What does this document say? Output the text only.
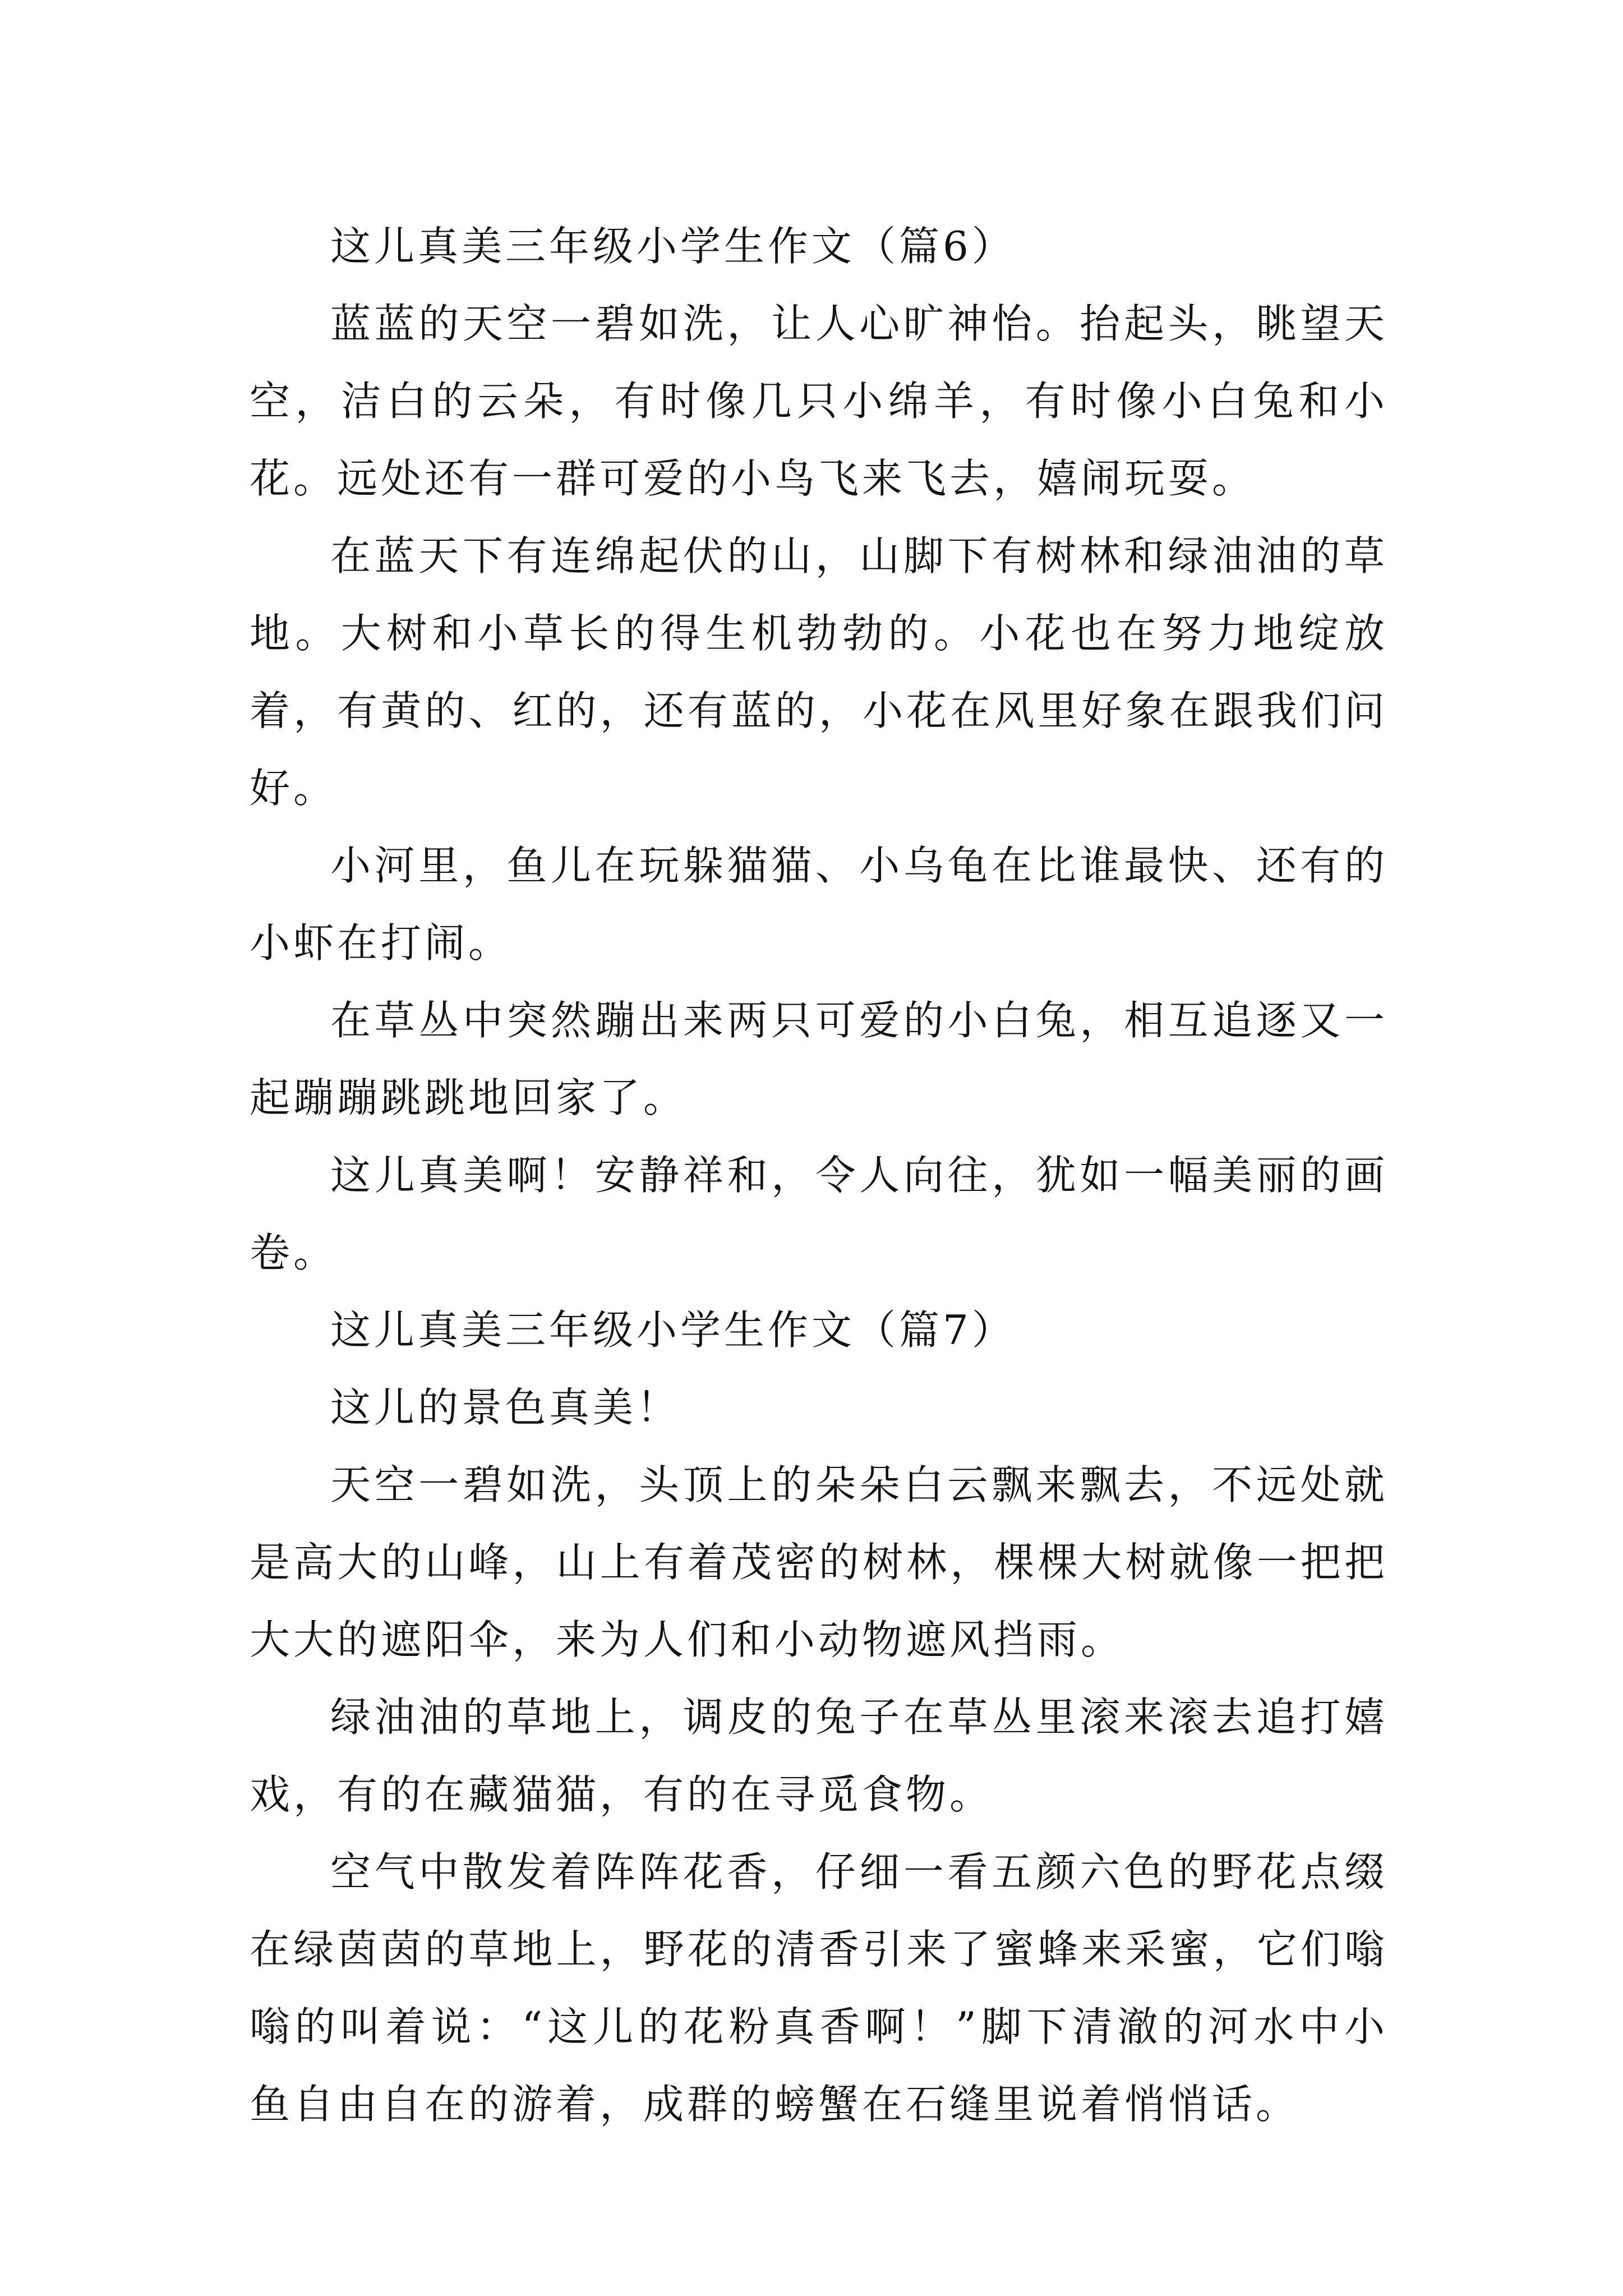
这儿真美三年级小学生作文（篇6）

蓝蓝的天空一碧如洗，让人心旷神怡。抬起头，眺望天空，洁白的云朵，有时像几只小绵羊，有时像小白兔和小花。远处还有一群可爱的小鸟飞来飞去，嬉闹玩耍。

在蓝天下有连绵起伏的山，山脚下有树林和绿油油的草地。大树和小草长的得生机勃勃的。小花也在努力地绽放着，有黄的、红的，还有蓝的，小花在风里好象在跟我们问好。

小河里，鱼儿在玩躲猫猫、小乌龟在比谁最快、还有的小虾在打闹。

在草丛中突然蹦出来两只可爱的小白兔，相互追逐又一起蹦蹦跳跳地回家了。

这儿真美啊！安静祥和，令人向往，犹如一幅美丽的画卷。

这儿真美三年级小学生作文（篇7）

这儿的景色真美！

天空一碧如洗，头顶上的朵朵白云飘来飘去，不远处就是高大的山峰，山上有着茂密的树林，棵棵大树就像一把把大大的遮阳伞，来为人们和小动物遮风挡雨。

绿油油的草地上，调皮的兔子在草丛里滚来滚去追打嬉戏，有的在藏猫猫，有的在寻觅食物。

空气中散发着阵阵花香，仔细一看五颜六色的野花点缀在绿茵茵的草地上，野花的清香引来了蜜蜂来采蜜，它们嗡嗡的叫着说：“这儿的花粉真香啊！”脚下清澈的河水中小鱼自由自在的游着，成群的螃蟹在石缝里说着悄悄话。
